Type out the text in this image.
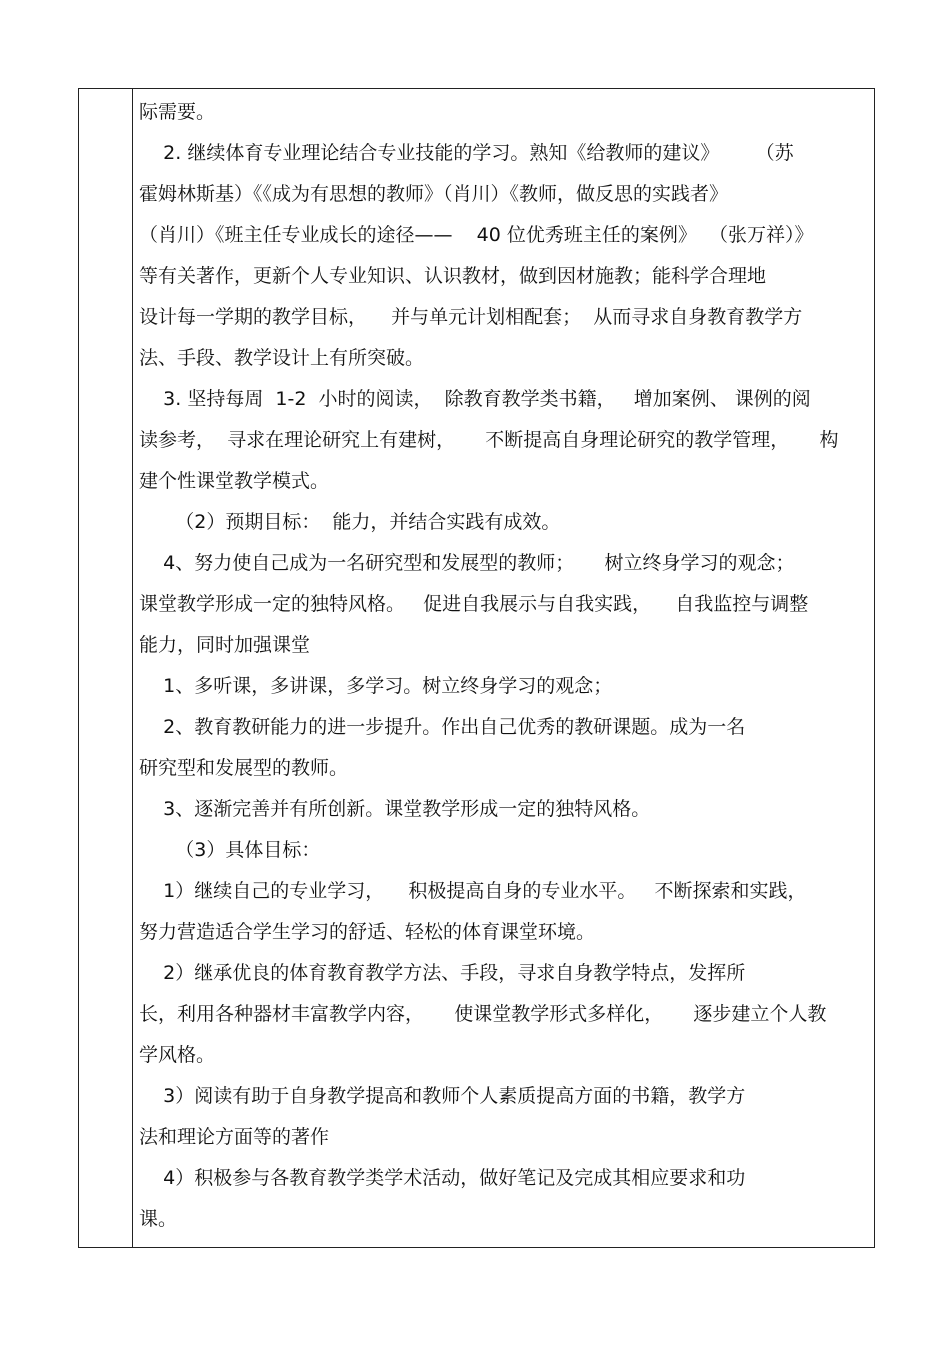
际需要。
2. 继续体育专业理论结合专业技能的学习。熟知《给教师的建议》      （苏
霍姆林斯基）《《成为有思想的教师》（肖川）《教师，做反思的实践者》
（肖川）《班主任专业成长的途径——    40 位优秀班主任的案例》  （张万祥）》
等有关著作，更新个人专业知识、认识教材，做到因材施教；能科学合理地
设计每一学期的教学目标，    并与单元计划相配套；  从而寻求自身教育教学方
法、手段、教学设计上有所突破。
3. 坚持每周  1-2  小时的阅读，  除教育教学类书籍，   增加案例、 课例的阅
读参考，  寻求在理论研究上有建树，     不断提高自身理论研究的教学管理，     构
建个性课堂教学模式。
（2）预期目标：  能力，并结合实践有成效。
4、努力使自己成为一名研究型和发展型的教师；     树立终身学习的观念；
课堂教学形成一定的独特风格。   促进自我展示与自我实践，    自我监控与调整
能力，同时加强课堂
1、多听课，多讲课，多学习。树立终身学习的观念；
2、教育教研能力的进一步提升。作出自己优秀的教研课题。成为一名
研究型和发展型的教师。
3、逐渐完善并有所创新。课堂教学形成一定的独特风格。
（3）具体目标：
1）继续自己的专业学习，    积极提高自身的专业水平。   不断探索和实践，
努力营造适合学生学习的舒适、轻松的体育课堂环境。
2）继承优良的体育教育教学方法、手段，寻求自身教学特点，发挥所
长，利用各种器材丰富教学内容，     使课堂教学形式多样化，     逐步建立个人教
学风格。
3）阅读有助于自身教学提高和教师个人素质提高方面的书籍，教学方
法和理论方面等的著作
4）积极参与各教育教学类学术活动，做好笔记及完成其相应要求和功
课。
